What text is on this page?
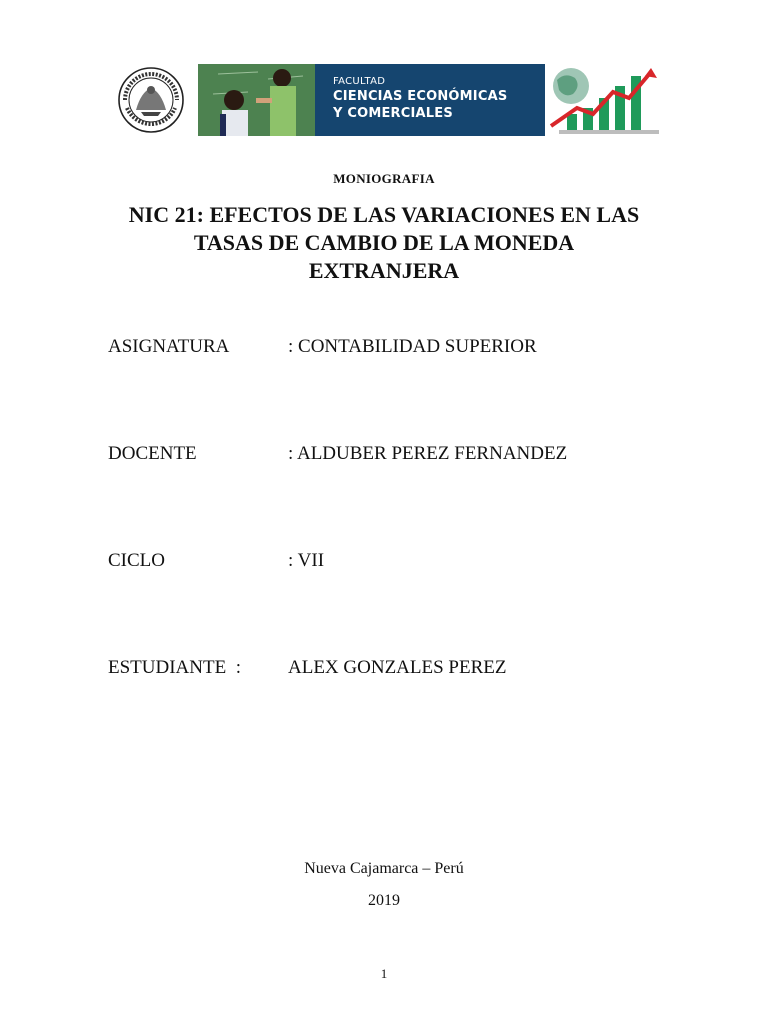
FACULTAD
CIENCIAS ECONÓMICAS
Y COMERCIALES
MONIOGRAFIA
NIC 21: EFECTOS DE LAS VARIACIONES EN LAS
TASAS DE CAMBIO DE LA MONEDA
EXTRANJERA
ASIGNATURA	: CONTABILIDAD SUPERIOR
DOCENTE	: ALDUBER PEREZ FERNANDEZ
CICLO	: VII
ESTUDIANTE  : ALEX GONZALES PEREZ
Nueva Cajamarca – Perú
2019
1
